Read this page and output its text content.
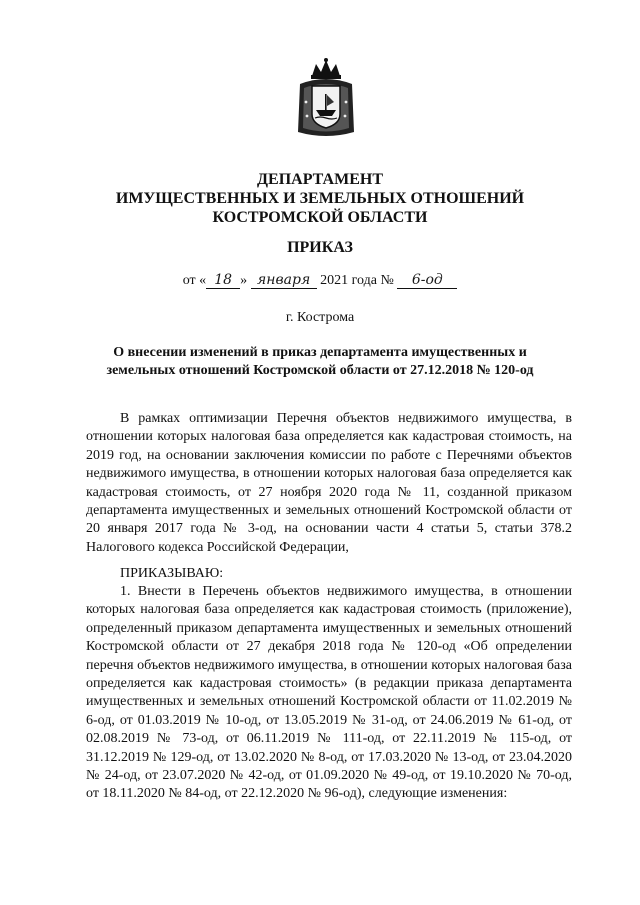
ДЕПАРТАМЕНТ
ИМУЩЕСТВЕННЫХ И ЗЕМЕЛЬНЫХ ОТНОШЕНИЙ
КОСТРОМСКОЙ ОБЛАСТИ
ПРИКАЗ
от « 18 » января 2021 года № 6-од
г. Кострома
О внесении изменений в приказ департамента имущественных и
земельных отношений Костромской области от 27.12.2018 № 120-од
В рамках оптимизации Перечня объектов недвижимого имущества, в отношении которых налоговая база определяется как кадастровая стоимость, на 2019 год, на основании заключения комиссии по работе с Перечнями объектов недвижимого имущества, в отношении которых налоговая база определяется как кадастровая стоимость, от 27 ноября 2020 года № 11, созданной приказом департамента имущественных и земельных отношений Костромской области от 20 января 2017 года № 3-од, на основании части 4 статьи 5, статьи 378.2 Налогового кодекса Российской Федерации,
ПРИКАЗЫВАЮ:
1. Внести в Перечень объектов недвижимого имущества, в отношении которых налоговая база определяется как кадастровая стоимость (приложение), определенный приказом департамента имущественных и земельных отношений Костромской области от 27 декабря 2018 года № 120-од «Об определении перечня объектов недвижимого имущества, в отношении которых налоговая база определяется как кадастровая стоимость» (в редакции приказа департамента имущественных и земельных отношений Костромской области от 11.02.2019 № 6-од, от 01.03.2019 № 10-од, от 13.05.2019 № 31-од, от 24.06.2019 № 61-од, от 02.08.2019 № 73-од, от 06.11.2019 № 111-од, от 22.11.2019 № 115-од, от 31.12.2019 № 129-од, от 13.02.2020 № 8-од, от 17.03.2020 № 13-од, от 23.04.2020 № 24-од, от 23.07.2020 № 42-од, от 01.09.2020 № 49-од, от 19.10.2020 № 70-од, от 18.11.2020 № 84-од, от 22.12.2020 № 96-од), следующие изменения:
